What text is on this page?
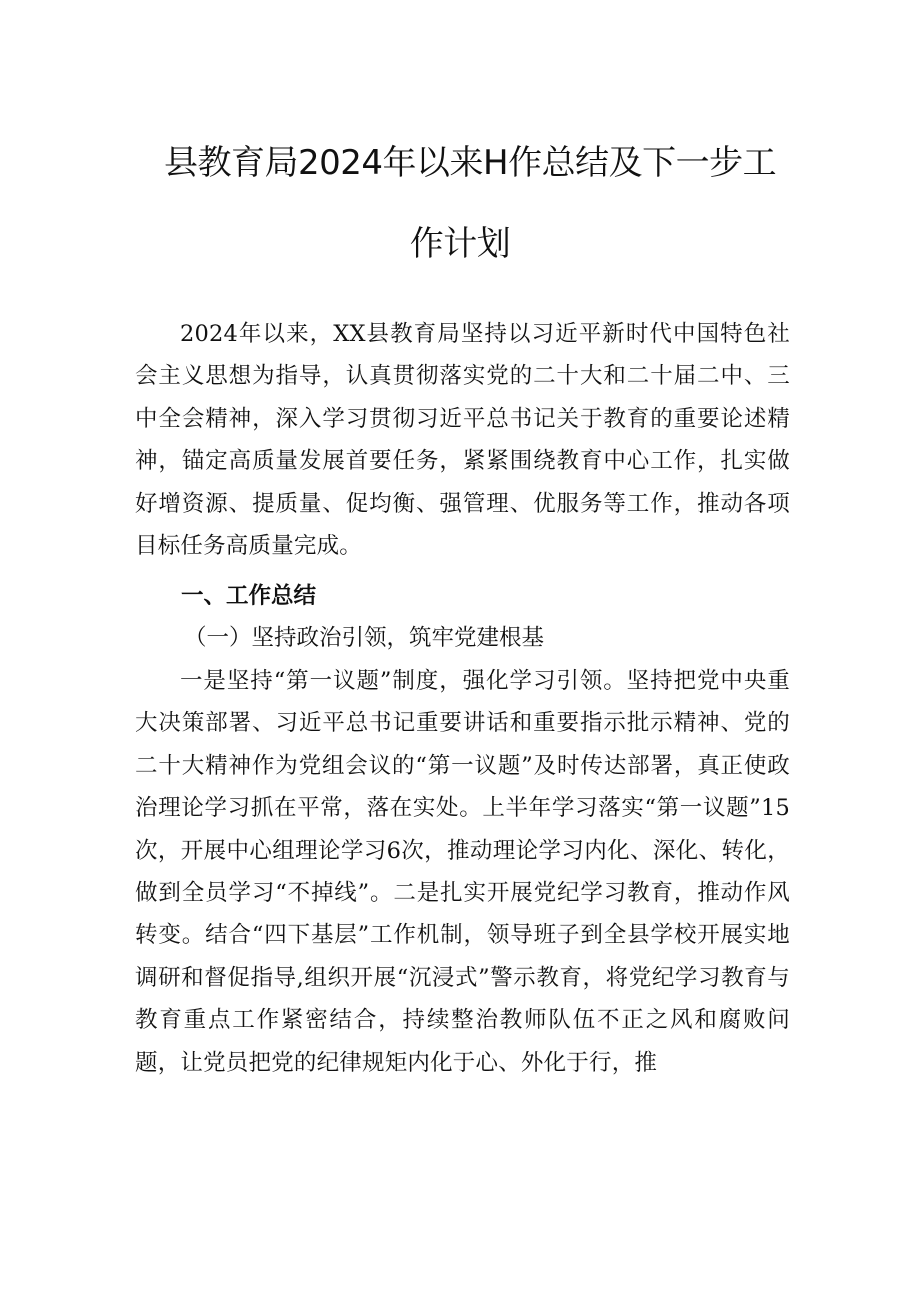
县教育局2024年以来H作总结及下一步工
作计划

2024年以来，XX县教育局坚持以习近平新时代中国特色社会主义思想为指导，认真贯彻落实党的二十大和二十届二中、三中全会精神，深入学习贯彻习近平总书记关于教育的重要论述精神，锚定高质量发展首要任务，紧紧围绕教育中心工作，扎实做好增资源、提质量、促均衡、强管理、优服务等工作，推动各项目标任务高质量完成。

一、工作总结
（一）坚持政治引领，筑牢党建根基

一是坚持“第一议题”制度，强化学习引领。坚持把党中央重大决策部署、习近平总书记重要讲话和重要指示批示精神、党的二十大精神作为党组会议的“第一议题”及时传达部署，真正使政治理论学习抓在平常，落在实处。上半年学习落实“第一议题”15次，开展中心组理论学习6次，推动理论学习内化、深化、转化，做到全员学习“不掉线”。二是扎实开展党纪学习教育，推动作风转变。结合“四下基层”工作机制，领导班子到全县学校开展实地调研和督促指导,组织开展“沉浸式”警示教育，将党纪学习教育与教育重点工作紧密结合，持续整治教师队伍不正之风和腐败问题，让党员把党的纪律规矩内化于心、外化于行，推
